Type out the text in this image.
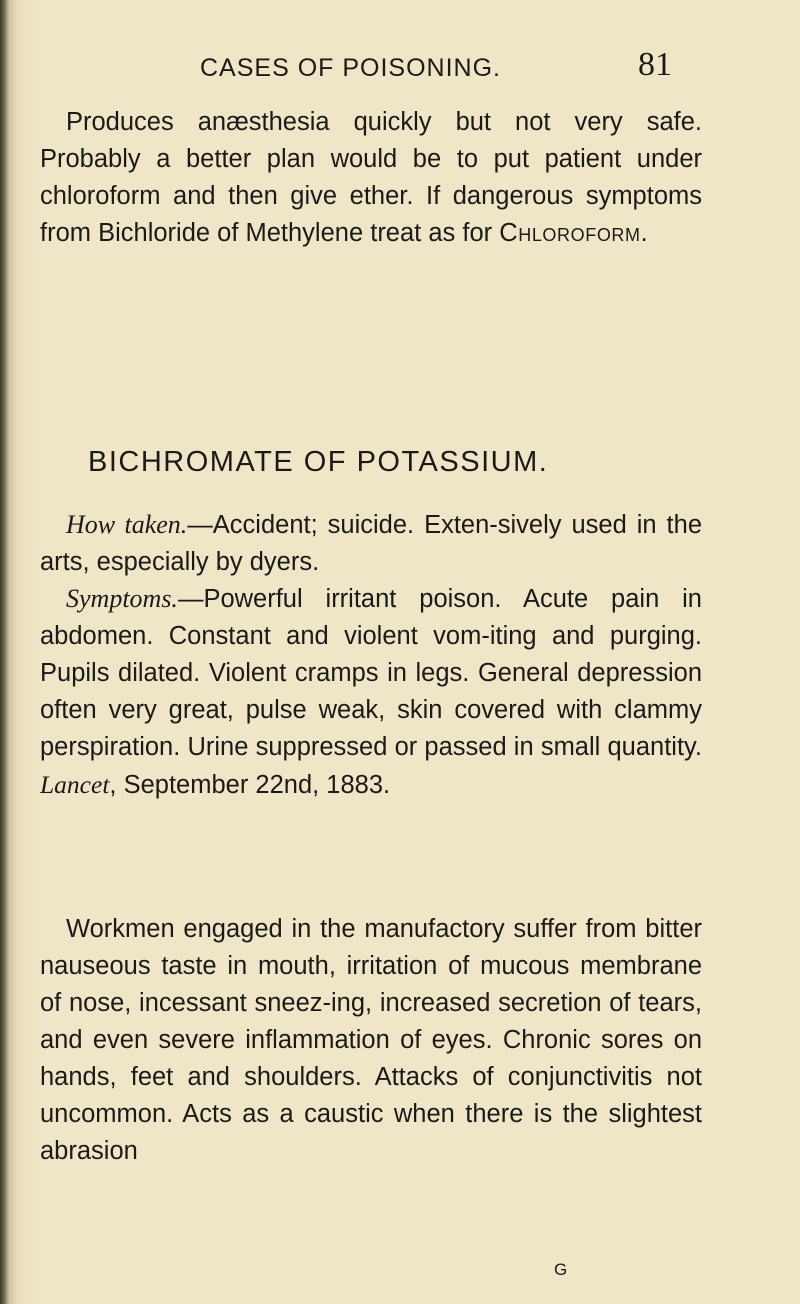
CASES OF POISONING.	81

Produces anæsthesia quickly but not very safe. Probably a better plan would be to put patient under chloroform and then give ether. If dangerous symptoms from Bichloride of Methylene treat as for Chloroform.

BICHROMATE OF POTASSIUM.

How taken.—Accident; suicide. Exten-sively used in the arts, especially by dyers.

Symptoms.—Powerful irritant poison. Acute pain in abdomen. Constant and violent vom-iting and purging. Pupils dilated. Violent cramps in legs. General depression often very great, pulse weak, skin covered with clammy perspiration. Urine suppressed or passed in small quantity. Lancet, September 22nd, 1883.

Workmen engaged in the manufactory suffer from bitter nauseous taste in mouth, irritation of mucous membrane of nose, incessant sneez-ing, increased secretion of tears, and even severe inflammation of eyes. Chronic sores on hands, feet and shoulders. Attacks of conjunctivitis not uncommon. Acts as a caustic when there is the slightest abrasion

G
